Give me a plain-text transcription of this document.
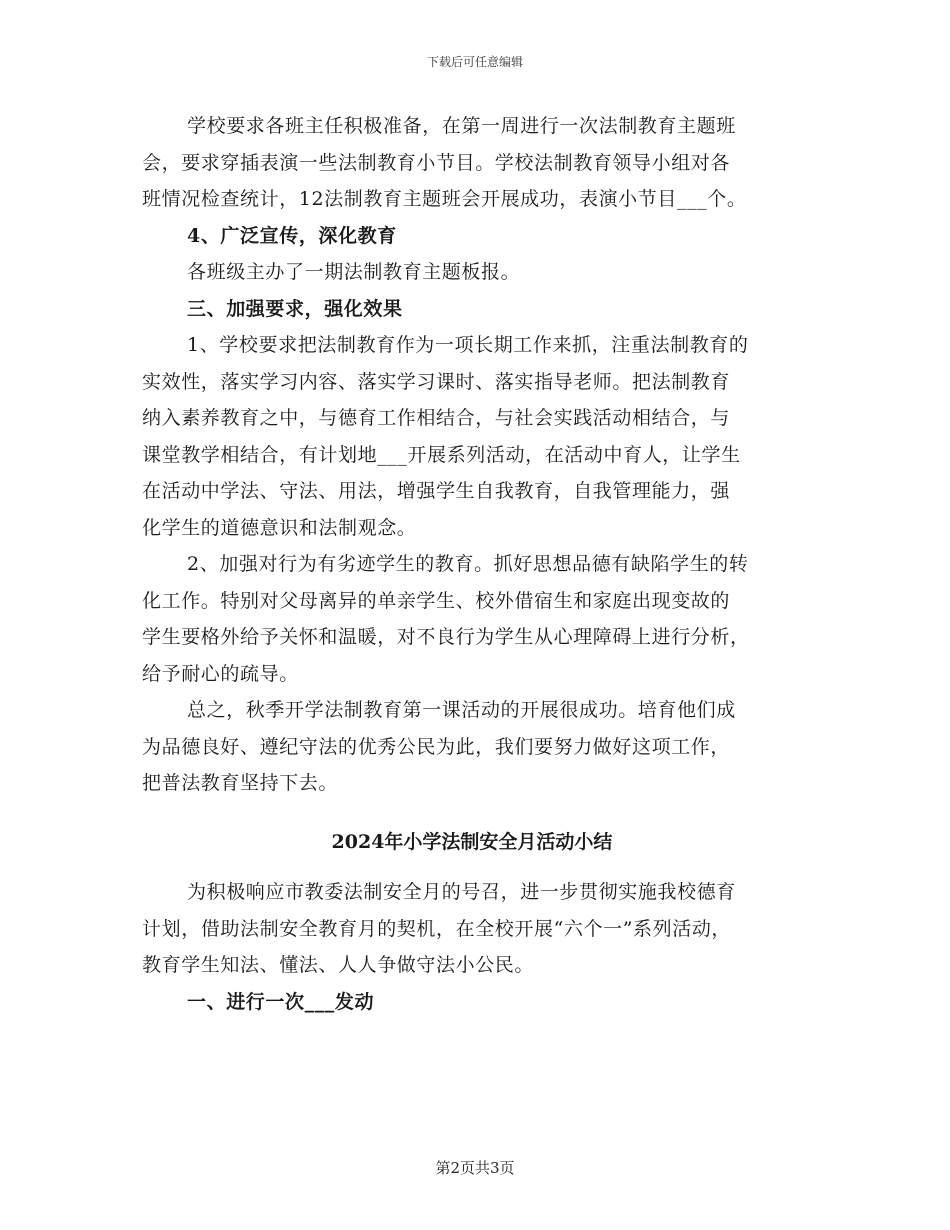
下载后可任意编辑

学校要求各班主任积极准备，在第一周进行一次法制教育主题班

会，要求穿插表演一些法制教育小节目。学校法制教育领导小组对各

班情况检查统计，12法制教育主题班会开展成功，表演小节目___个。

4、广泛宣传，深化教育

各班级主办了一期法制教育主题板报。

三、加强要求，强化效果

1、学校要求把法制教育作为一项长期工作来抓，注重法制教育的

实效性，落实学习内容、落实学习课时、落实指导老师。把法制教育

纳入素养教育之中，与德育工作相结合，与社会实践活动相结合，与

课堂教学相结合，有计划地___开展系列活动，在活动中育人，让学生

在活动中学法、守法、用法，增强学生自我教育，自我管理能力，强

化学生的道德意识和法制观念。

2、加强对行为有劣迹学生的教育。抓好思想品德有缺陷学生的转

化工作。特别对父母离异的单亲学生、校外借宿生和家庭出现变故的

学生要格外给予关怀和温暖，对不良行为学生从心理障碍上进行分析，

给予耐心的疏导。

总之，秋季开学法制教育第一课活动的开展很成功。培育他们成

为品德良好、遵纪守法的优秀公民为此，我们要努力做好这项工作，

把普法教育坚持下去。

2024年小学法制安全月活动小结

为积极响应市教委法制安全月的号召，进一步贯彻实施我校德育

计划，借助法制安全教育月的契机，在全校开展“六个一”系列活动，

教育学生知法、懂法、人人争做守法小公民。

一、进行一次___发动

第2页共3页
